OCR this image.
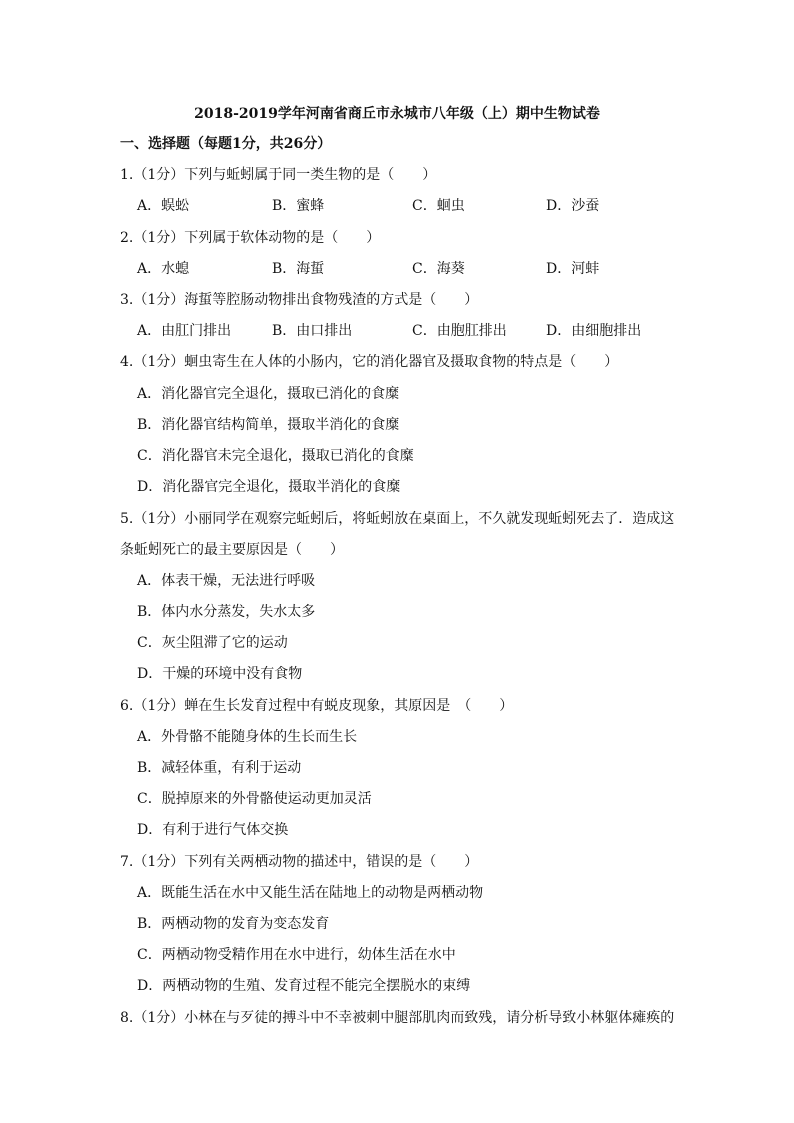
2018-2019学年河南省商丘市永城市八年级（上）期中生物试卷
一、选择题（每题1分，共26分）
1.（1分）下列与蚯蚓属于同一类生物的是（　　）
A．蜈蚣	B．蜜蜂	C．蛔虫	D．沙蚕
2.（1分）下列属于软体动物的是（　　）
A．水螅	B．海蜇	C．海葵	D．河蚌
3.（1分）海蜇等腔肠动物排出食物残渣的方式是（　　）
A．由肛门排出	B．由口排出	C．由胞肛排出	D．由细胞排出
4.（1分）蛔虫寄生在人体的小肠内，它的消化器官及摄取食物的特点是（　　）
A．消化器官完全退化，摄取已消化的食糜
B．消化器官结构简单，摄取半消化的食糜
C．消化器官未完全退化，摄取已消化的食糜
D．消化器官完全退化，摄取半消化的食糜
5.（1分）小丽同学在观察完蚯蚓后，将蚯蚓放在桌面上，不久就发现蚯蚓死去了．造成这
条蚯蚓死亡的最主要原因是（　　）
A．体表干燥，无法进行呼吸
B．体内水分蒸发，失水太多
C．灰尘阻滞了它的运动
D．干燥的环境中没有食物
6.（1分）蝉在生长发育过程中有蜕皮现象，其原因是　（　　）
A．外骨骼不能随身体的生长而生长
B．减轻体重，有利于运动
C．脱掉原来的外骨骼使运动更加灵活
D．有利于进行气体交换
7.（1分）下列有关两栖动物的描述中，错误的是（　　）
A．既能生活在水中又能生活在陆地上的动物是两栖动物
B．两栖动物的发育为变态发育
C．两栖动物受精作用在水中进行，幼体生活在水中
D．两栖动物的生殖、发育过程不能完全摆脱水的束缚
8.（1分）小林在与歹徒的搏斗中不幸被刺中腿部肌肉而致残，请分析导致小林躯体瘫痪的
